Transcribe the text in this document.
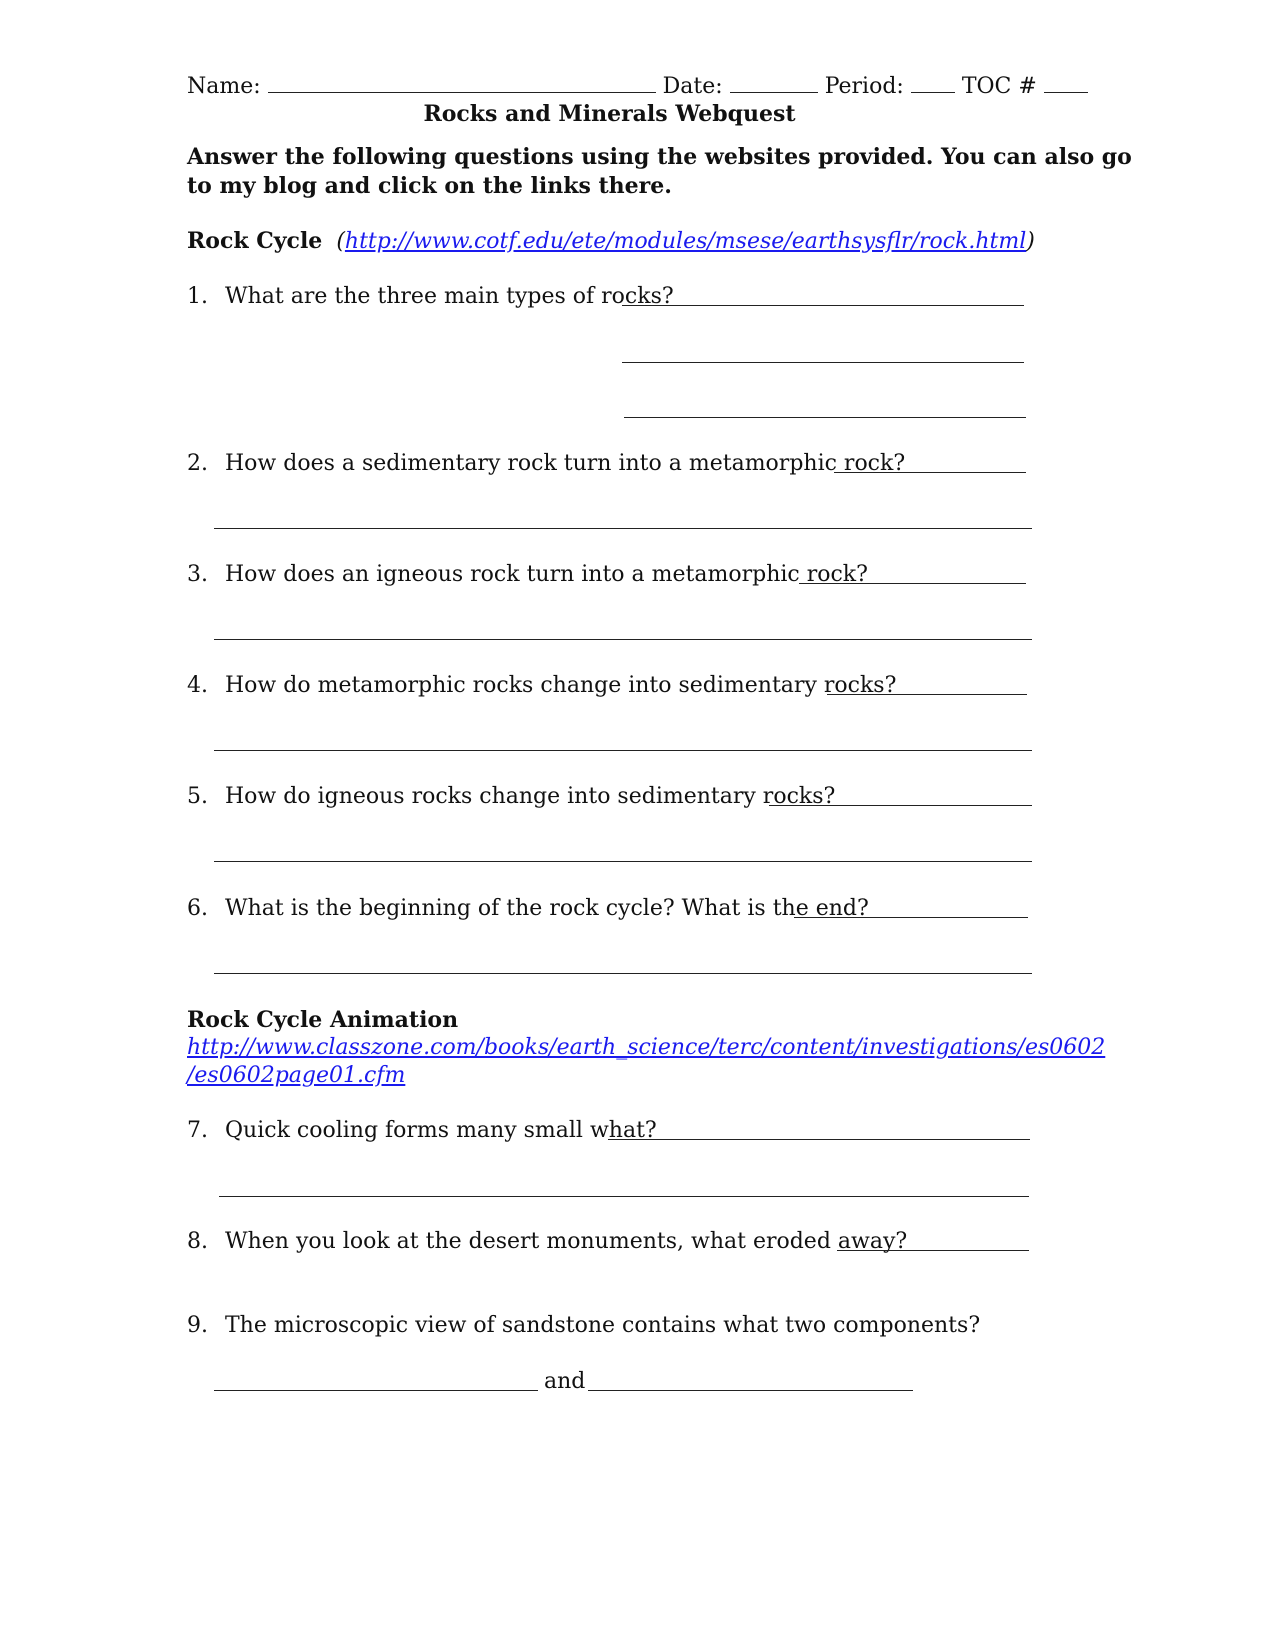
Name:	Date:	Period:	TOC #
Rocks and Minerals Webquest
Answer the following questions using the websites provided. You can also go
to my blog and click on the links there.
Rock Cycle (http://www.cotf.edu/ete/modules/msese/earthsysflr/rock.html)
1. What are the three main types of rocks?
2. How does a sedimentary rock turn into a metamorphic rock?
3. How does an igneous rock turn into a metamorphic rock?
4. How do metamorphic rocks change into sedimentary rocks?
5. How do igneous rocks change into sedimentary rocks?
6. What is the beginning of the rock cycle? What is the end?
Rock Cycle Animation
http://www.classzone.com/books/earth_science/terc/content/investigations/es0602
/es0602page01.cfm
7. Quick cooling forms many small what?
8. When you look at the desert monuments, what eroded away?
9. The microscopic view of sandstone contains what two components?
and
